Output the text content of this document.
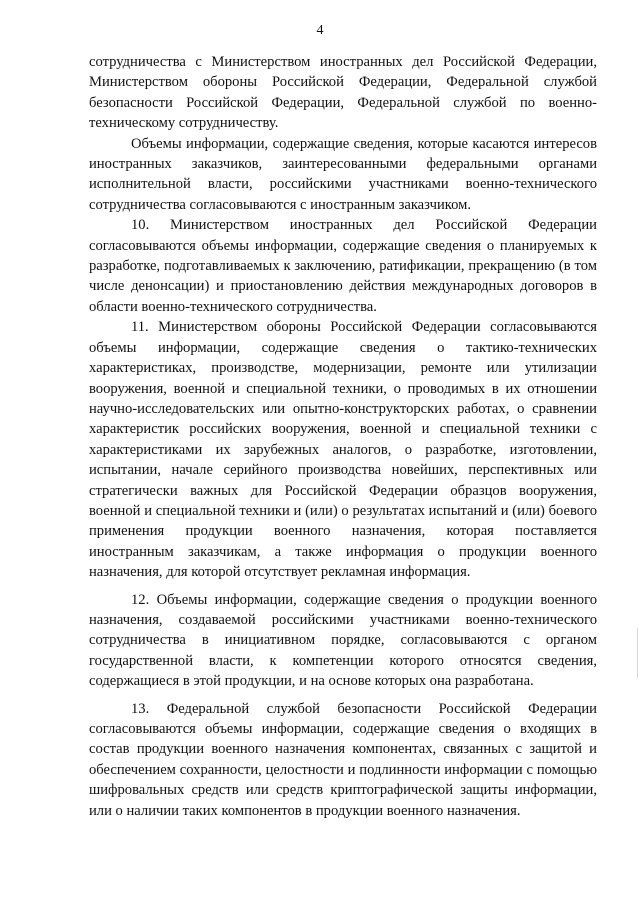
4

сотрудничества с Министерством иностранных дел Российской Федерации, Министерством обороны Российской Федерации, Федеральной службой безопасности Российской Федерации, Федеральной службой по военно-техническому сотрудничеству.

Объемы информации, содержащие сведения, которые касаются интересов иностранных заказчиков, заинтересованными федеральными органами исполнительной власти, российскими участниками военно-технического сотрудничества согласовываются с иностранным заказчиком.

10. Министерством иностранных дел Российской Федерации согласовываются объемы информации, содержащие сведения о планируемых к разработке, подготавливаемых к заключению, ратификации, прекращению (в том числе денонсации) и приостановлению действия международных договоров в области военно-технического сотрудничества.

11. Министерством обороны Российской Федерации согласовываются объемы информации, содержащие сведения о тактико-технических характеристиках, производстве, модернизации, ремонте или утилизации вооружения, военной и специальной техники, о проводимых в их отношении научно-исследовательских или опытно-конструкторских работах, о сравнении характеристик российских вооружения, военной и специальной техники с характеристиками их зарубежных аналогов, о разработке, изготовлении, испытании, начале серийного производства новейших, перспективных или стратегически важных для Российской Федерации образцов вооружения, военной и специальной техники и (или) о результатах испытаний и (или) боевого применения продукции военного назначения, которая поставляется иностранным заказчикам, а также информация о продукции военного назначения, для которой отсутствует рекламная информация.

12. Объемы информации, содержащие сведения о продукции военного назначения, создаваемой российскими участниками военно-технического сотрудничества в инициативном порядке, согласовываются с органом государственной власти, к компетенции которого относятся сведения, содержащиеся в этой продукции, и на основе которых она разработана.

13. Федеральной службой безопасности Российской Федерации согласовываются объемы информации, содержащие сведения о входящих в состав продукции военного назначения компонентах, связанных с защитой и обеспечением сохранности, целостности и подлинности информации с помощью шифровальных средств или средств криптографической защиты информации, или о наличии таких компонентов в продукции военного назначения.
